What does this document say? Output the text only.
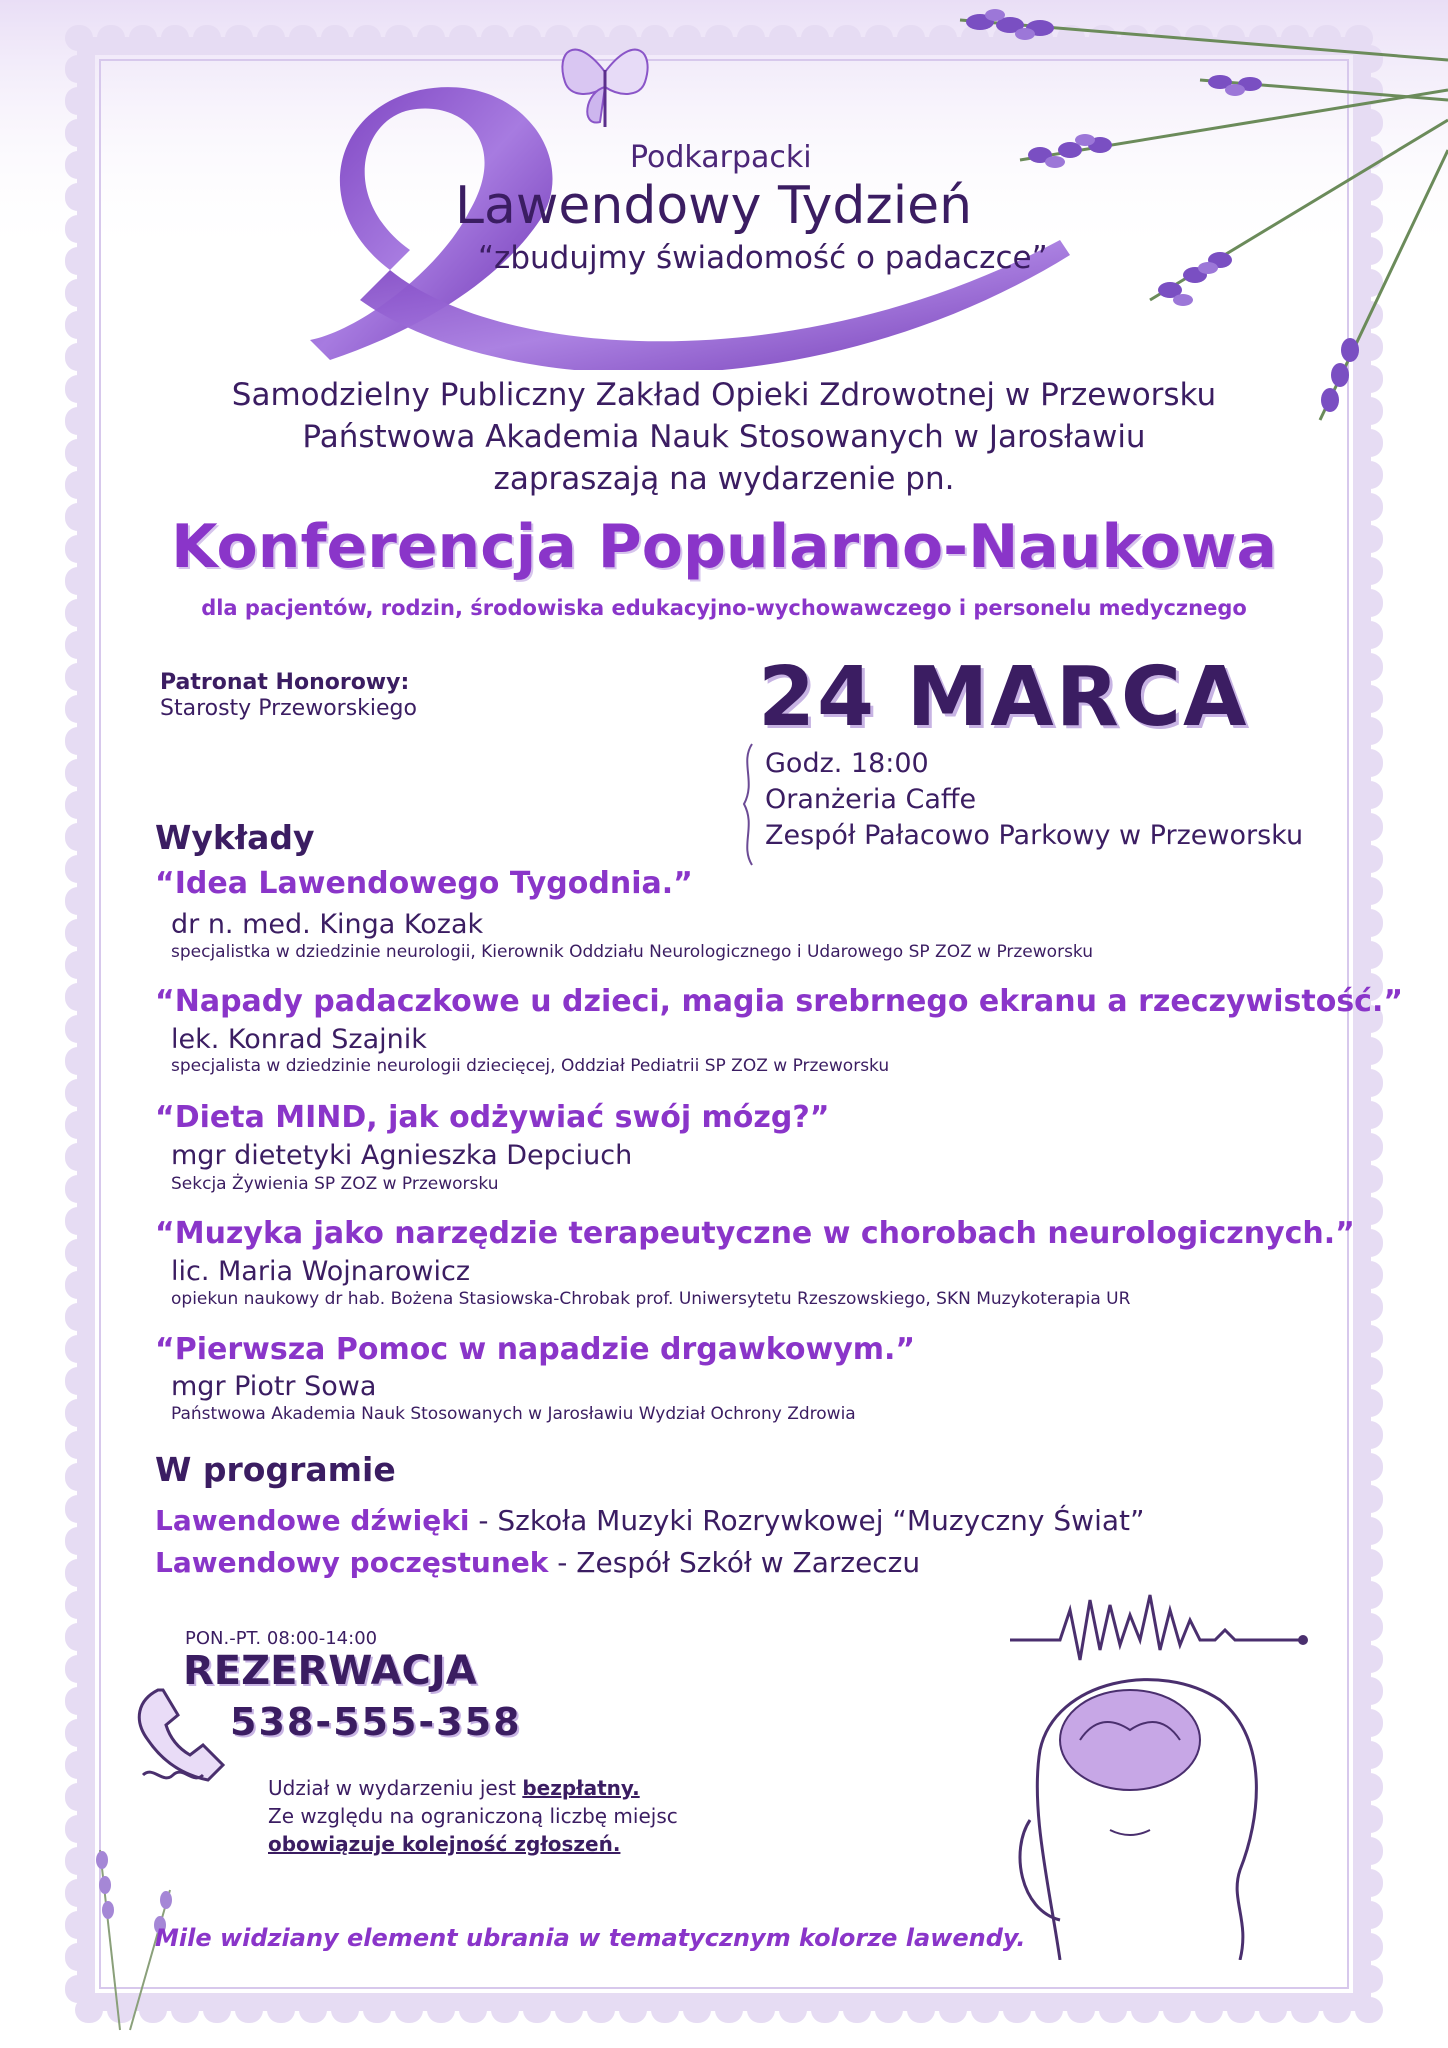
Podkarpacki
Lawendowy Tydzień
“zbudujmy świadomość o padaczce”
Samodzielny Publiczny Zakład Opieki Zdrowotnej w Przeworsku
Państwowa Akademia Nauk Stosowanych w Jarosławiu
zapraszają na wydarzenie pn.
Konferencja Popularno-Naukowa
dla pacjentów, rodzin, środowiska edukacyjno-wychowawczego i personelu medycznego
Patronat Honorowy:
Starosty Przeworskiego	24 MARCA
Godz. 18:00
Oranżeria Caffe
Zespół Pałacowo Parkowy w Przeworsku
Wykłady
“Idea Lawendowego Tygodnia.”
dr n. med. Kinga Kozak
specjalistka w dziedzinie neurologii, Kierownik Oddziału Neurologicznego i Udarowego SP ZOZ w Przeworsku
“Napady padaczkowe u dzieci, magia srebrnego ekranu a rzeczywistość.”
lek. Konrad Szajnik
specjalista w dziedzinie neurologii dziecięcej, Oddział Pediatrii SP ZOZ w Przeworsku
“Dieta MIND, jak odżywiać swój mózg?”
mgr dietetyki Agnieszka Depciuch
Sekcja Żywienia SP ZOZ w Przeworsku
“Muzyka jako narzędzie terapeutyczne w chorobach neurologicznych.”
lic. Maria Wojnarowicz
opiekun naukowy dr hab. Bożena Stasiowska-Chrobak prof. Uniwersytetu Rzeszowskiego, SKN Muzykoterapia UR
“Pierwsza Pomoc w napadzie drgawkowym.”
mgr Piotr Sowa
Państwowa Akademia Nauk Stosowanych w Jarosławiu Wydział Ochrony Zdrowia
W programie
Lawendowe dźwięki - Szkoła Muzyki Rozrywkowej “Muzyczny Świat”
Lawendowy poczęstunek - Zespół Szkół w Zarzeczu
PON.-PT. 08:00-14:00
REZERWACJA
538-555-358
Udział w wydarzeniu jest bezpłatny.
Ze względu na ograniczoną liczbę miejsc
obowiązuje kolejność zgłoszeń.
Mile widziany element ubrania w tematycznym kolorze lawendy.
